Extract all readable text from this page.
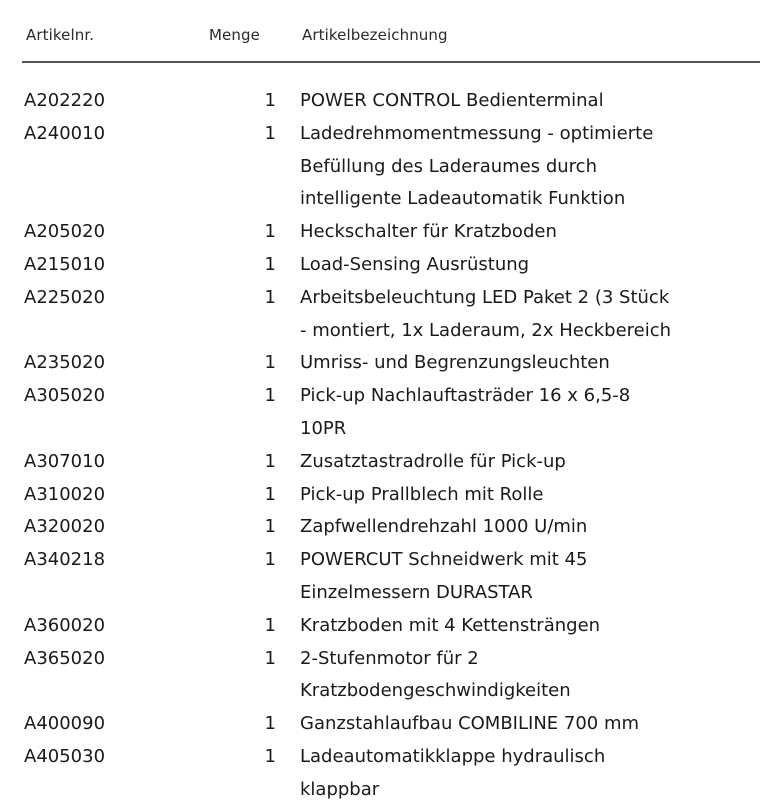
Artikelnr.	Menge	Artikelbezeichnung
A202220	1 POWER CONTROL Bedienterminal
A240010	1 Ladedrehmomentmessung - optimierte
Befüllung des Laderaumes durch
intelligente Ladeautomatik Funktion
A205020	1 Heckschalter für Kratzboden
A215010	1 Load-Sensing Ausrüstung
A225020	1 Arbeitsbeleuchtung LED Paket 2 (3 Stück
- montiert, 1x Laderaum, 2x Heckbereich
A235020	1 Umriss- und Begrenzungsleuchten
A305020	1 Pick-up Nachlauftasträder 16 x 6,5-8
10PR
A307010	1 Zusatztastradrolle für Pick-up
A310020	1 Pick-up Prallblech mit Rolle
A320020	1 Zapfwellendrehzahl 1000 U/min
A340218	1 POWERCUT Schneidwerk mit 45
Einzelmessern DURASTAR
A360020	1 Kratzboden mit 4 Kettensträngen
A365020	1 2-Stufenmotor für 2
Kratzbodengeschwindigkeiten
A400090	1 Ganzstahlaufbau COMBILINE 700 mm
A405030	1 Ladeautomatikklappe hydraulisch
klappbar
